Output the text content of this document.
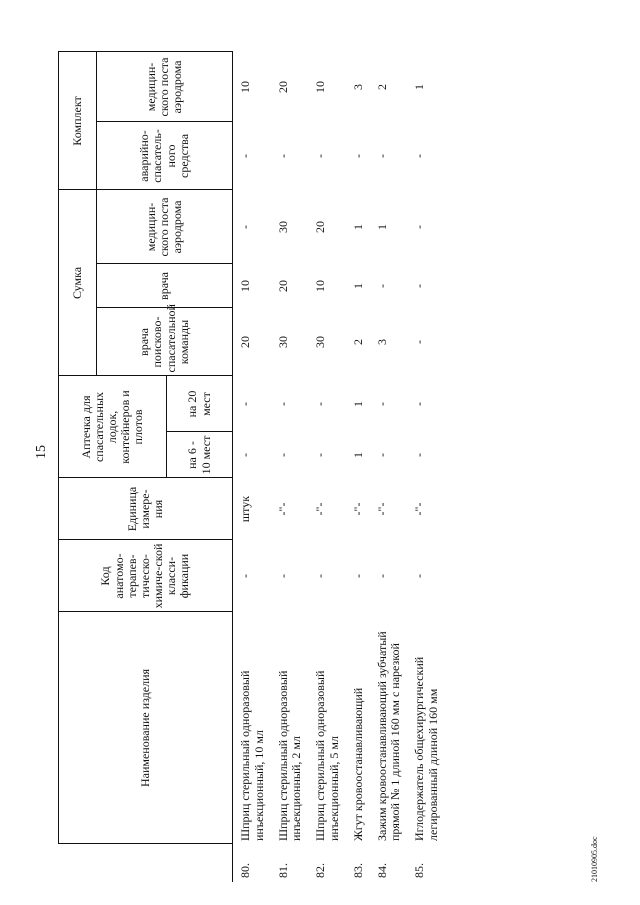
15
	Наименование изделия	Код анатомо-терапев-тическо-химиче-ской класси-фикации	Единица измере-ния	Аптечка для спасательных лодок, контейнеров и плотов		Сумка			Комплект	
						врача поисково-спасательной команды	врача	медицин-ского поста аэродрома	аварийно-спасатель-ного средства	медицин-ского поста аэродрома
				на 6 - 10 мест	на 20 мест					
80.	Шприц стерильный одноразовый инъекционный, 10 мл	-	штук	-	-	20	10	-	-	10
81.	Шприц стерильный одноразовый инъекционный, 2 мл	-	-"-	-	-	30	20	30	-	20
82.	Шприц стерильный одноразовый инъекционный, 5 мл	-	-"-	-	-	30	10	20	-	10
83.	Жгут кровоостанавливающий	-	-"-	1	1	2	1	1	-	3
84.	Зажим кровоостанавливающий зубчатый прямой № 1 длиной 160 мм с нарезкой	-	-"-	-	-	3	-	1	-	2
85.	Иглодержатель общехирургический легированный длиной 160 мм	-	-"-	-	-	-	-	-	-	1
21010905.doc
